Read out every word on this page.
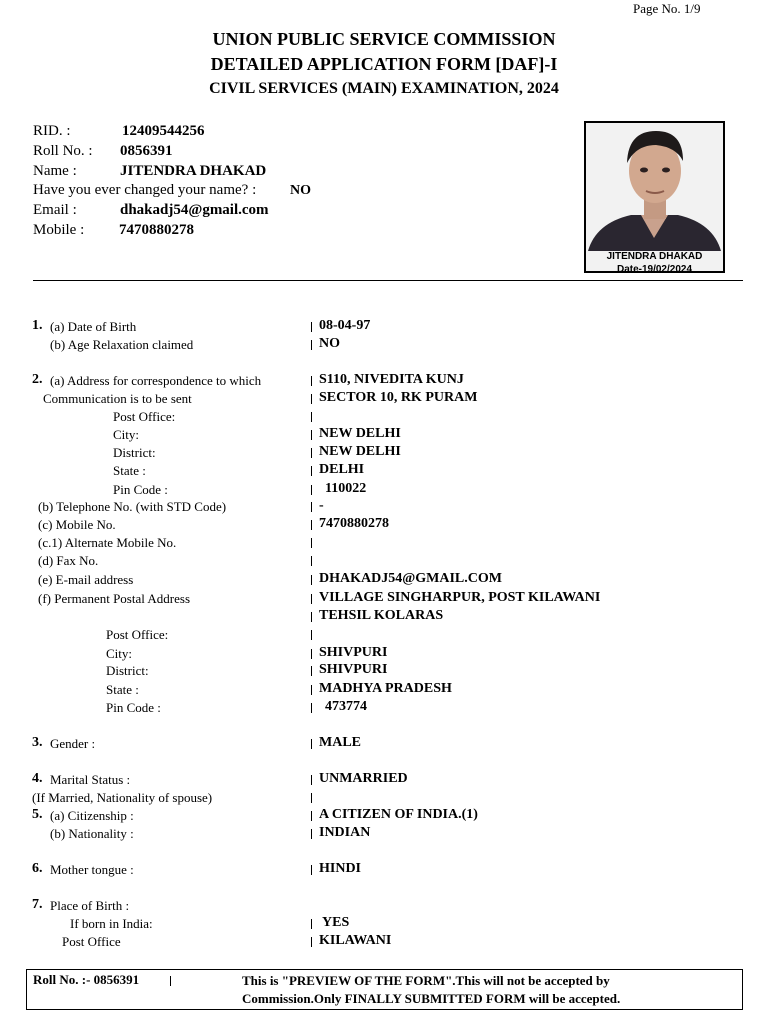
Page No. 1/9
UNION PUBLIC SERVICE COMMISSION
DETAILED APPLICATION FORM [DAF]-I
CIVIL SERVICES (MAIN) EXAMINATION, 2024
RID. :	12409544256
Roll No. : 0856391
Name :	JITENDRA DHAKAD
Have you ever changed your name? : NO
Email :	dhakadj54@gmail.com
Mobile : 7470880278
JITENDRA DHAKAD
Date-19/02/2024
1. (a) Date of Birth	08-04-97
(b) Age Relaxation claimed	NO
2. (a) Address for correspondence to which	S110, NIVEDITA KUNJ
Communication is to be sent	SECTOR 10, RK PURAM
Post Office:
City:	NEW DELHI
District:	NEW DELHI
State :	DELHI
Pin Code :	110022
(b) Telephone No. (with STD Code)	-
(c) Mobile No.	7470880278
(c.1) Alternate Mobile No.
(d) Fax No.
(e) E-mail address	DHAKADJ54@GMAIL.COM
(f) Permanent Postal Address	VILLAGE SINGHARPUR, POST KILAWANI
TEHSIL KOLARAS
Post Office:
City:	SHIVPURI
District:	SHIVPURI
State :	MADHYA PRADESH
Pin Code :	473774
3. Gender :	MALE
4. Marital Status :	UNMARRIED
(If Married, Nationality of spouse)
5. (a) Citizenship :	A CITIZEN OF INDIA.(1)
(b) Nationality :	INDIAN
6. Mother tongue :	HINDI
7. Place of Birth :
If born in India:	YES
Post Office	KILAWANI
Roll No. :- 0856391	This is "PREVIEW OF THE FORM".This will not be accepted by
Commission.Only FINALLY SUBMITTED FORM will be accepted.
